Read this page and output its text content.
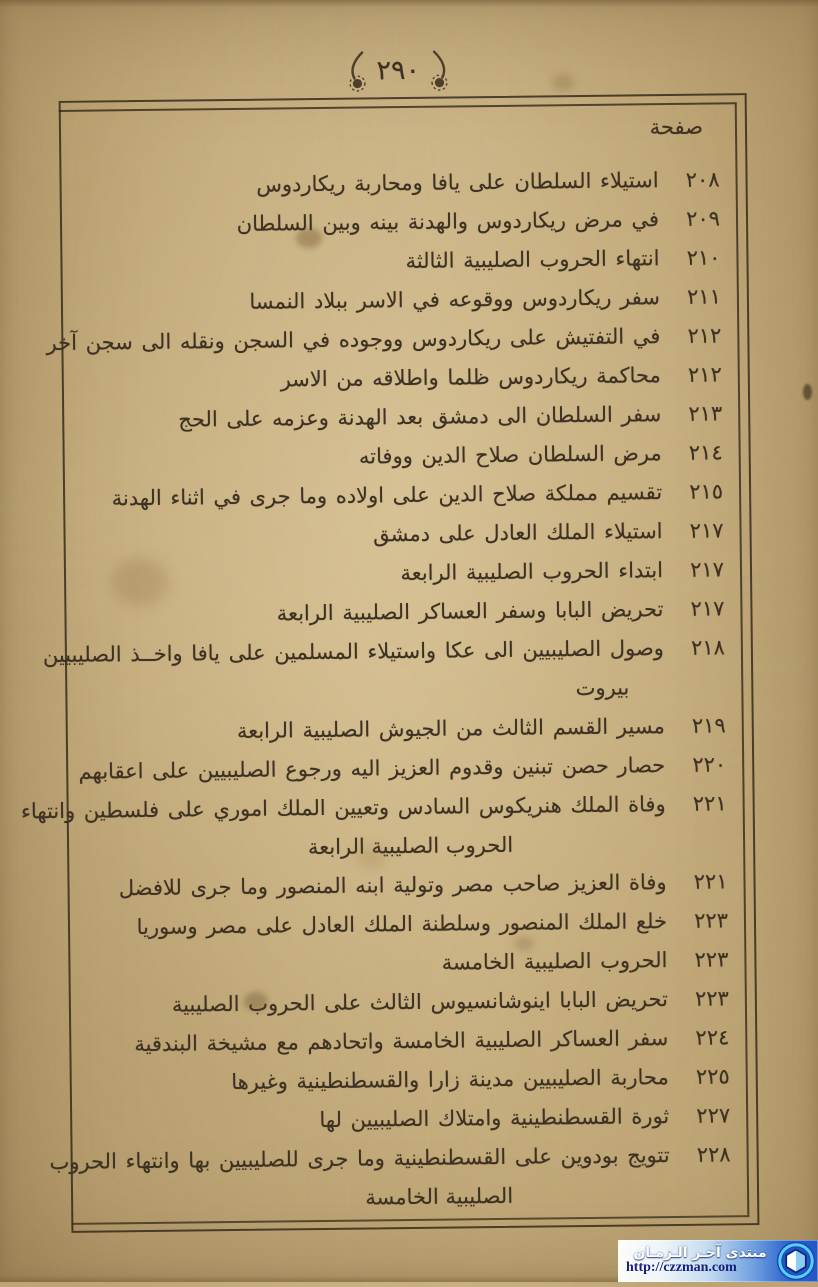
٢٩٠
صفحة
٢٠٨
استيلاء السلطان على يافا ومحاربة ريكاردوس
٢٠٩
في مرض ريكاردوس والهدنة بينه وبين السلطان
٢١٠
انتهاء الحروب الصليبية الثالثة
٢١١
سفر ريكاردوس ووقوعه في الاسر ببلاد النمسا
٢١٢
في التفتيش على ريكاردوس ووجوده في السجن ونقله الى سجن آخر
٢١٢
محاكمة ريكاردوس ظلما واطلاقه من الاسر
٢١٣
سفر السلطان الى دمشق بعد الهدنة وعزمه على الحج
٢١٤
مرض السلطان صلاح الدين ووفاته
٢١٥
تقسيم مملكة صلاح الدين على اولاده وما جرى في اثناء الهدنة
٢١٧
استيلاء الملك العادل على دمشق
٢١٧
ابتداء الحروب الصليبية الرابعة
٢١٧
تحريض البابا وسفر العساكر الصليبية الرابعة
٢١٨
وصول الصليبيين الى عكا واستيلاء المسلمين على يافا واخــذ الصليبيين
بيروت
٢١٩
مسير القسم الثالث من الجيوش الصليبية الرابعة
٢٢٠
حصار حصن تبنين وقدوم العزيز اليه ورجوع الصليبيين على اعقابهم
٢٢١
وفاة الملك هنريكوس السادس وتعيين الملك اموري على فلسطين وانتهاء
الحروب الصليبية الرابعة
٢٢١
وفاة العزيز صاحب مصر وتولية ابنه المنصور وما جرى للافضل
٢٢٣
خلع الملك المنصور وسلطنة الملك العادل على مصر وسوريا
٢٢٣
الحروب الصليبية الخامسة
٢٢٣
تحريض البابا اينوشانسيوس الثالث على الحروب الصليبية
٢٢٤
سفر العساكر الصليبية الخامسة واتحادهم مع مشيخة البندقية
٢٢٥
محاربة الصليبيين مدينة زارا والقسطنطينية وغيرها
٢٢٧
ثورة القسطنطينية وامتلاك الصليبيين لها
٢٢٨
تتويج بودوين على القسطنطينية وما جرى للصليبيين بها وانتهاء الحروب
الصليبية الخامسة
منتدى آخـر الـزمـان
http://czzman.com
